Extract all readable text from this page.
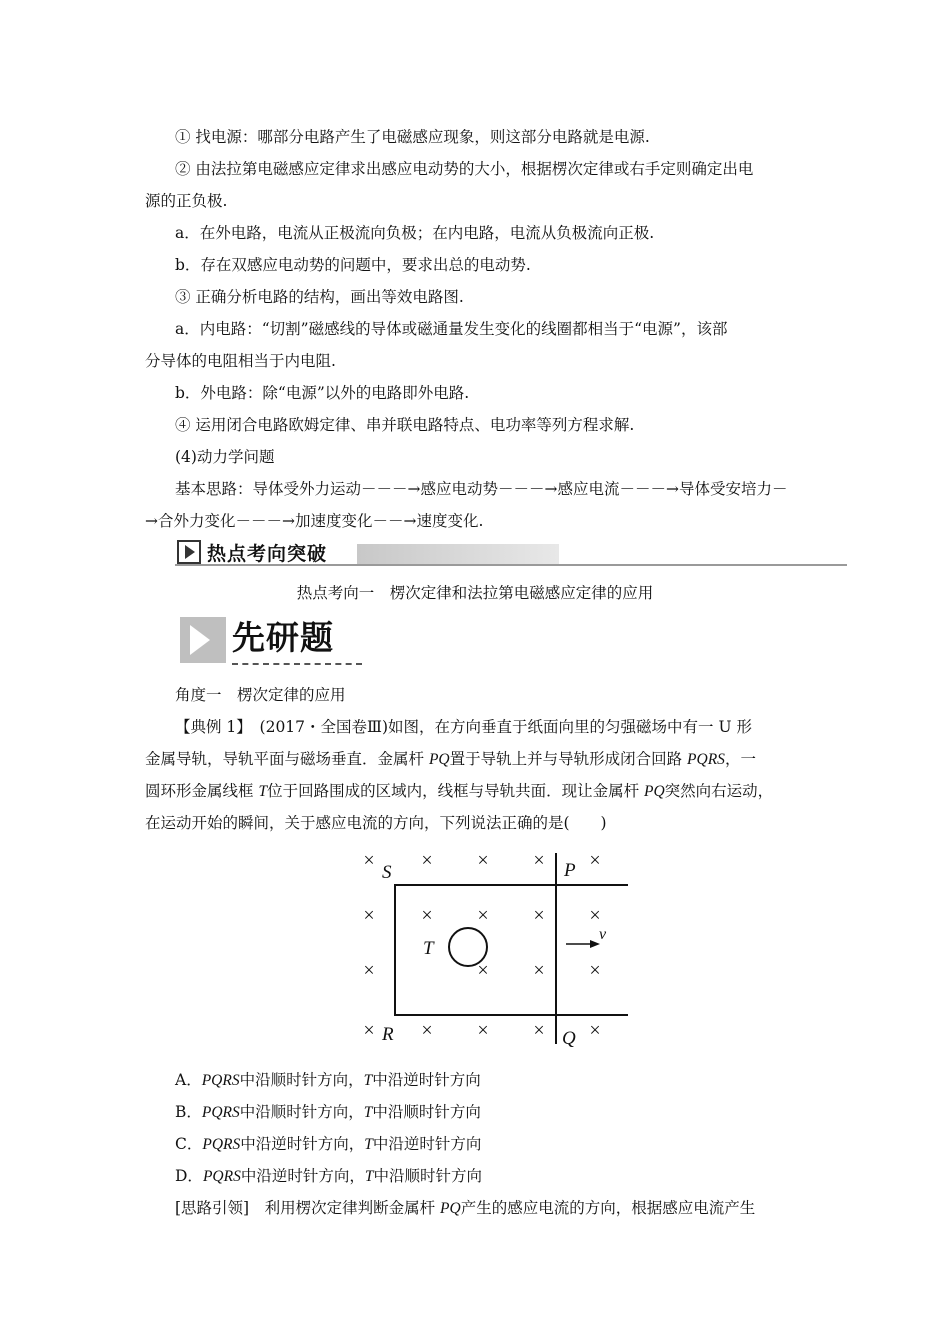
① 找电源：哪部分电路产生了电磁感应现象，则这部分电路就是电源.
② 由法拉第电磁感应定律求出感应电动势的大小，根据楞次定律或右手定则确定出电
源的正负极.
a．在外电路，电流从正极流向负极；在内电路，电流从负极流向正极.
b．存在双感应电动势的问题中，要求出总的电动势.
③ 正确分析电路的结构，画出等效电路图.
a．内电路：“切割”磁感线的导体或磁通量发生变化的线圈都相当于“电源”，该部
分导体的电阻相当于内电阻.
b．外电路：除“电源”以外的电路即外电路.
④ 运用闭合电路欧姆定律、串并联电路特点、电功率等列方程求解.
(4)动力学问题
基本思路：导体受外力运动－－－→感应电动势－－－→感应电流－－－→导体受安培力－
→合外力变化－－－→加速度变化－－→速度变化.
热点考向突破
热点考向一　楞次定律和法拉第电磁感应定律的应用
先研题
角度一　楞次定律的应用
【典例 1】　(2017・全国卷Ⅲ)如图，在方向垂直于纸面向里的匀强磁场中有一 U 形
金属导轨，导轨平面与磁场垂直．金属杆 PQ置于导轨上并与导轨形成闭合回路 PQRS，一
圆环形金属线框 T位于回路围成的区域内，线框与导轨共面．现让金属杆 PQ突然向右运动，
在运动开始的瞬间，关于感应电流的方向，下列说法正确的是(　　)
× × × × ×
× × × × ×
×	× × ×
× × × × ×
S	P
T
R	Q
v
A．PQRS中沿顺时针方向，T中沿逆时针方向
B．PQRS中沿顺时针方向，T中沿顺时针方向
C．PQRS中沿逆时针方向，T中沿逆时针方向
D．PQRS中沿逆时针方向，T中沿顺时针方向
[思路引领]　利用楞次定律判断金属杆 PQ产生的感应电流的方向，根据感应电流产生
